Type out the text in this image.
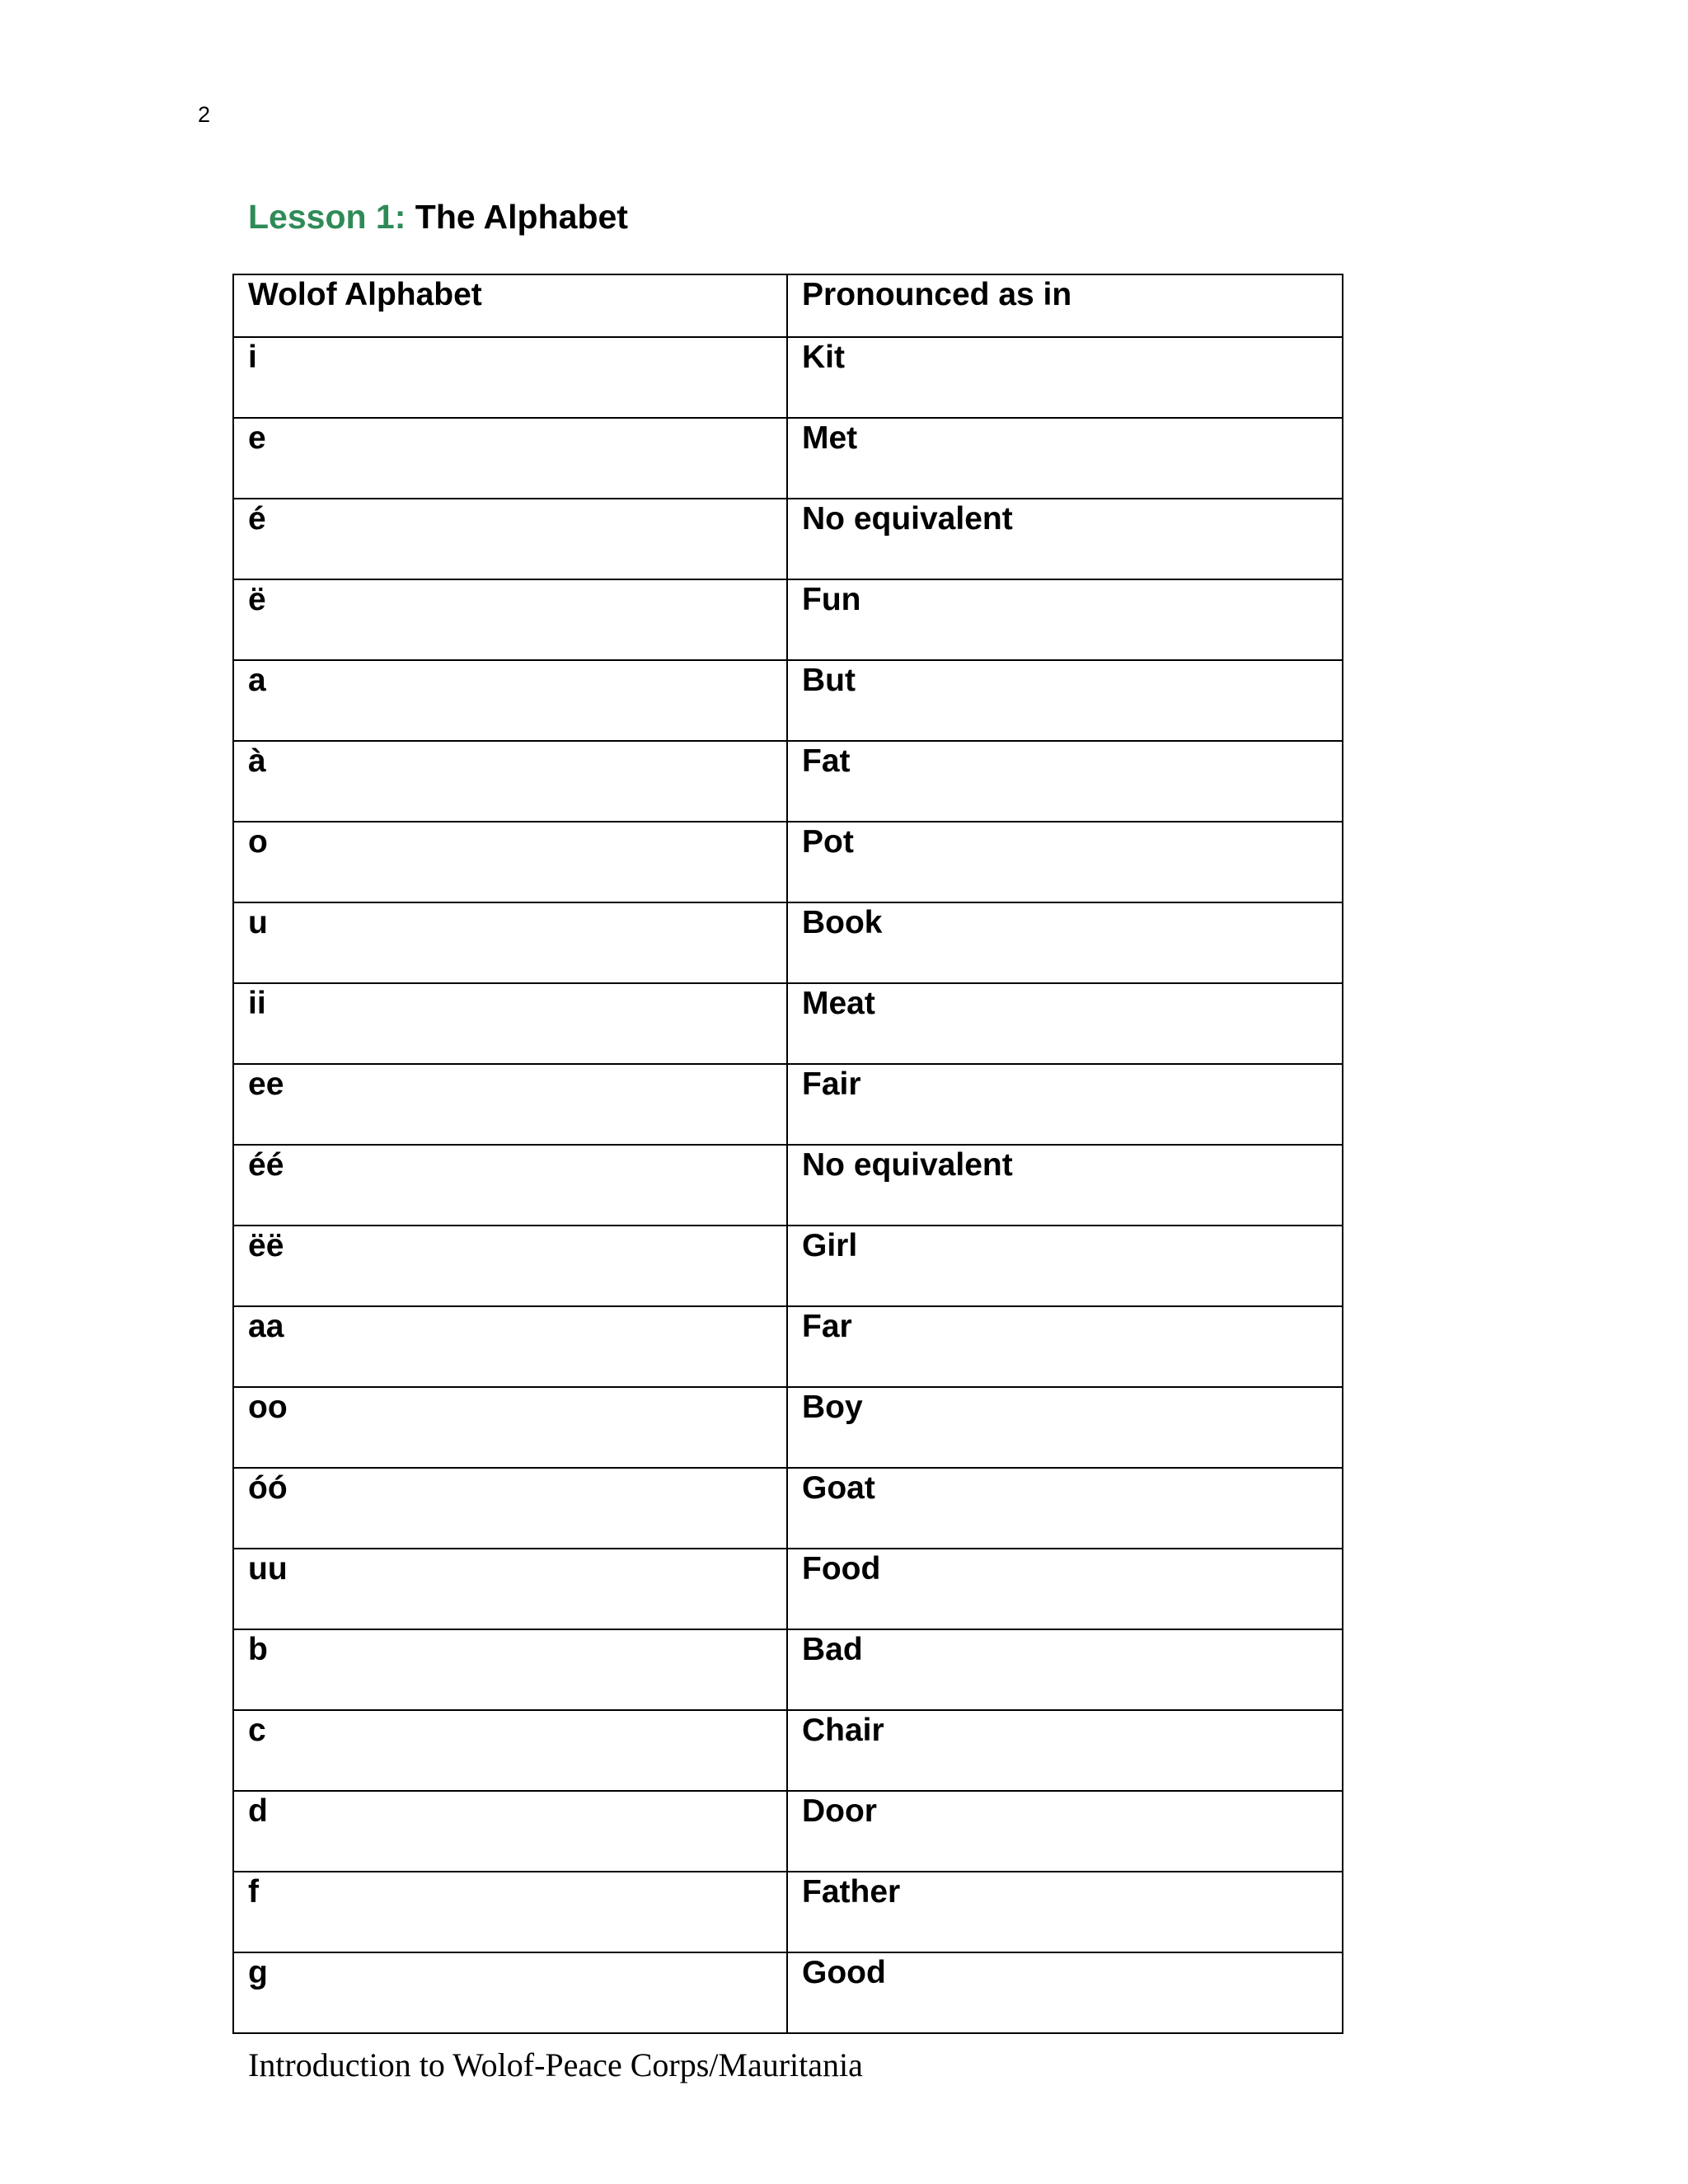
2
Lesson 1: The Alphabet
Wolof Alphabet	Pronounced as in
i	Kit
e	Met
é	No equivalent
ë	Fun
a	But
à	Fat
o	Pot
u	Book
ii	Meat
ee	Fair
éé	No equivalent
ëë	Girl
aa	Far
oo	Boy
óó	Goat
uu	Food
b	Bad
c	Chair
d	Door
f	Father
g	Good
Introduction to Wolof-Peace Corps/Mauritania
